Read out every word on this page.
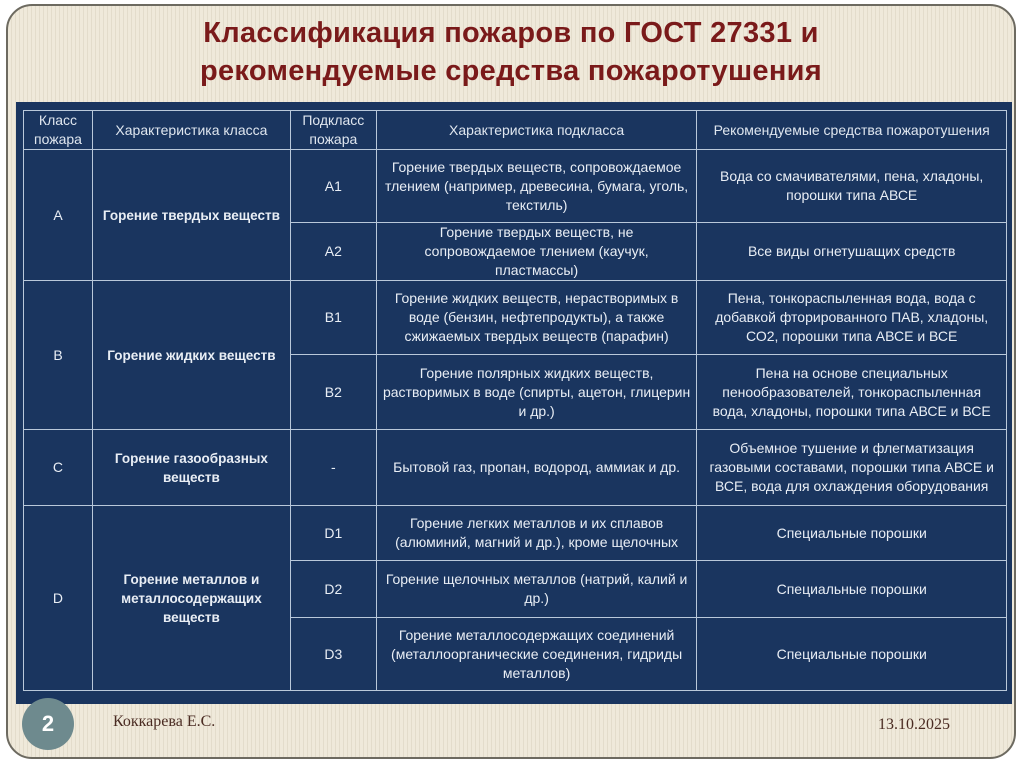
Классификация пожаров по ГОСТ 27331 и
рекомендуемые средства пожаротушения
Класс пожара	Характеристика класса	Подкласс пожара	Характеристика подкласса	Рекомендуемые средства пожаротушения
A	Горение твердых веществ	A1	Горение твердых веществ, сопровождаемое тлением (например, древесина, бумага, уголь, текстиль)	Вода со смачивателями, пена, хладоны, порошки типа АВСЕ
		A2	Горение твердых веществ, не сопровождаемое тлением (каучук, пластмассы)	Все виды огнетушащих средств
B	Горение жидких веществ	B1	Горение жидких веществ, нерастворимых в воде (бензин, нефтепродукты), а также сжижаемых твердых веществ (парафин)	Пена, тонкораспыленная вода, вода с добавкой фторированного ПАВ, хладоны, СО2, порошки типа АВСЕ и ВСЕ
		B2	Горение полярных жидких веществ, растворимых в воде (спирты, ацетон, глицерин и др.)	Пена на основе специальных пенообразователей, тонкораспыленная вода, хладоны, порошки типа АВСЕ и ВСЕ
C	Горение газообразных веществ	-	Бытовой газ, пропан, водород, аммиак и др.	Объемное тушение и флегматизация газовыми составами, порошки типа АВСЕ и ВСЕ, вода для охлаждения оборудования
D	Горение металлов и металлосодержащих веществ	D1	Горение легких металлов и их сплавов (алюминий, магний и др.), кроме щелочных	Специальные порошки
		D2	Горение щелочных металлов (натрий, калий и др.)	Специальные порошки
		D3	Горение металлосодержащих соединений (металлоорганические соединения, гидриды металлов)	Специальные порошки
2	Коккарева Е.С.	13.10.2025
